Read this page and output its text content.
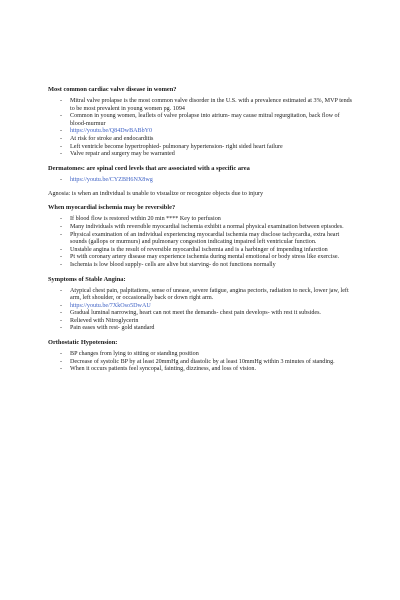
Most common cardiac valve disease in women?

- Mitral valve prolapse is the most common valve disorder in the U.S. with a prevalence estimated at 3%, MVP tends to be most prevalent in young women pg. 1094
- Common in young women, leaflets of valve prolapse into atrium- may cause mitral regurgitation, back flow of blood-murmur
- https://youtu.be/Q84DwBABbY0
- At risk for stroke and endocarditis
- Left ventricle become hypertrophied- pulmonary hypertension- right sided heart failure
- Valve repair and surgery may be warranted

Dermatomes: are spinal cord levels that are associated with a specific area

- https://youtu.be/CYZBH6NX8wg

Agnosia: is when an individual is unable to visualize or recognize objects due to injury

When myocardial ischemia may be reversible?

- If blood flow is restored within 20 min **** Key to perfusion
- Many individuals with reversible myocardial ischemia exhibit a normal physical examination between episodes.
- Physical examination of an individual experiencing myocardial ischemia may disclose tachycardia, extra heart sounds (gallops or murmurs) and pulmonary congestion indicating impaired left ventricular function.
- Unstable angina is the result of reversible myocardial ischemia and is a harbinger of impending infarction
- Pt with coronary artery disease may experience ischemia during mental emotional or body stress like exercise.
- Ischemia is low blood supply- cells are alive but starving- do not functions normally

Symptoms of Stable Angina:

- Atypical chest pain, palpitations, sense of unease, severe fatigue, angina pectoris, radiation to neck, lower jaw, left arm, left shoulder, or occasionally back or down right arm.
- https://youtu.be/7XkOso5DwAU
- Gradual luminal narrowing, heart can not meet the demands- chest pain develops- with rest it subsides.
- Relieved with Nitroglycerin
- Pain eases with rest- gold standard

Orthostatic Hypotension:

- BP changes from lying to sitting or standing position
- Decrease of systolic BP by at least 20mmHg and diastolic by at least 10mmHg within 3 minutes of standing.
- When it occurs patients feel syncopal, fainting, dizziness, and loss of vision.
